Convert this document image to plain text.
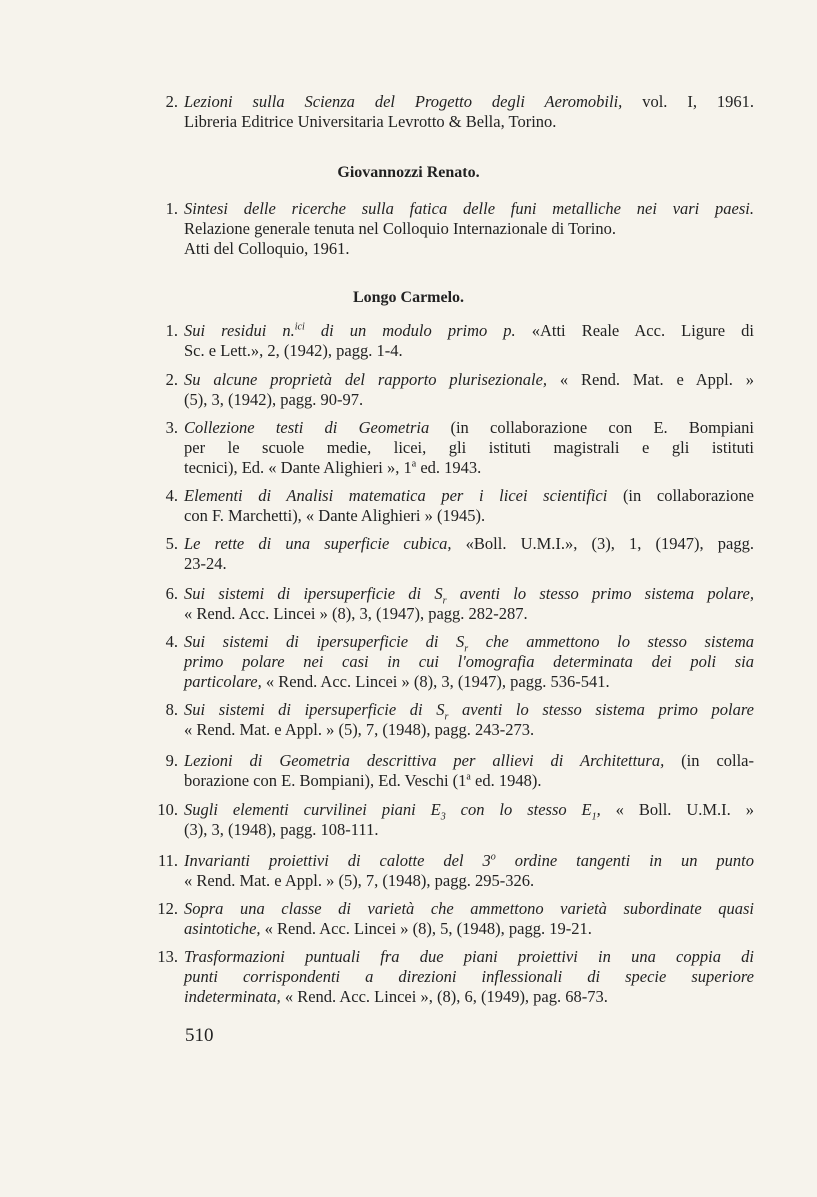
2. Lezioni sulla Scienza del Progetto degli Aeromobili, vol. I, 1961.
Libreria Editrice Universitaria Levrotto & Bella, Torino.
Giovannozzi Renato.
1. Sintesi delle ricerche sulla fatica delle funi metalliche nei vari paesi.
Relazione generale tenuta nel Colloquio Internazionale di Torino.
Atti del Colloquio, 1961.
Longo Carmelo.
1. Sui residui n.$^{ici}$ di un modulo primo p. «Atti Reale Acc. Ligure di
Sc. e Lett.», 2, (1942), pagg. 1-4.
2. Su alcune proprietà del rapporto plurisezionale, « Rend. Mat. e Appl. »
(5), 3, (1942), pagg. 90-97.
3. Collezione testi di Geometria (in collaborazione con E. Bompiani
per le scuole medie, licei, gli istituti magistrali e gli istituti
tecnici), Ed. « Dante Alighieri », 1$^a$ ed. 1943.
4. Elementi di Analisi matematica per i licei scientifici (in collaborazione
con F. Marchetti), « Dante Alighieri » (1945).
5. Le rette di una superficie cubica, «Boll. U.M.I.», (3), 1, (1947), pagg.
23-24.
6. Sui sistemi di ipersuperficie di $S_r$ aventi lo stesso primo sistema polare,
« Rend. Acc. Lincei » (8), 3, (1947), pagg. 282-287.
4. Sui sistemi di ipersuperficie di $S_r$ che ammettono lo stesso sistema
primo polare nei casi in cui l'omografia determinata dei poli sia
particolare, « Rend. Acc. Lincei » (8), 3, (1947), pagg. 536-541.
8. Sui sistemi di ipersuperficie di $S_r$ aventi lo stesso sistema primo polare
« Rend. Mat. e Appl. » (5), 7, (1948), pagg. 243-273.
9. Lezioni di Geometria descrittiva per allievi di Architettura, (in colla-
borazione con E. Bompiani), Ed. Veschi (1$^a$ ed. 1948).
10. Sugli elementi curvilinei piani $E_3$ con lo stesso $E_1$, « Boll. U.M.I. »
(3), 3, (1948), pagg. 108-111.
11. Invarianti proiettivi di calotte del 3$^o$ ordine tangenti in un punto
« Rend. Mat. e Appl. » (5), 7, (1948), pagg. 295-326.
12. Sopra una classe di varietà che ammettono varietà subordinate quasi
asintotiche, « Rend. Acc. Lincei » (8), 5, (1948), pagg. 19-21.
13. Trasformazioni puntuali fra due piani proiettivi in una coppia di
punti corrispondenti a direzioni inflessionali di specie superiore
indeterminata, « Rend. Acc. Lincei », (8), 6, (1949), pag. 68-73.
510
